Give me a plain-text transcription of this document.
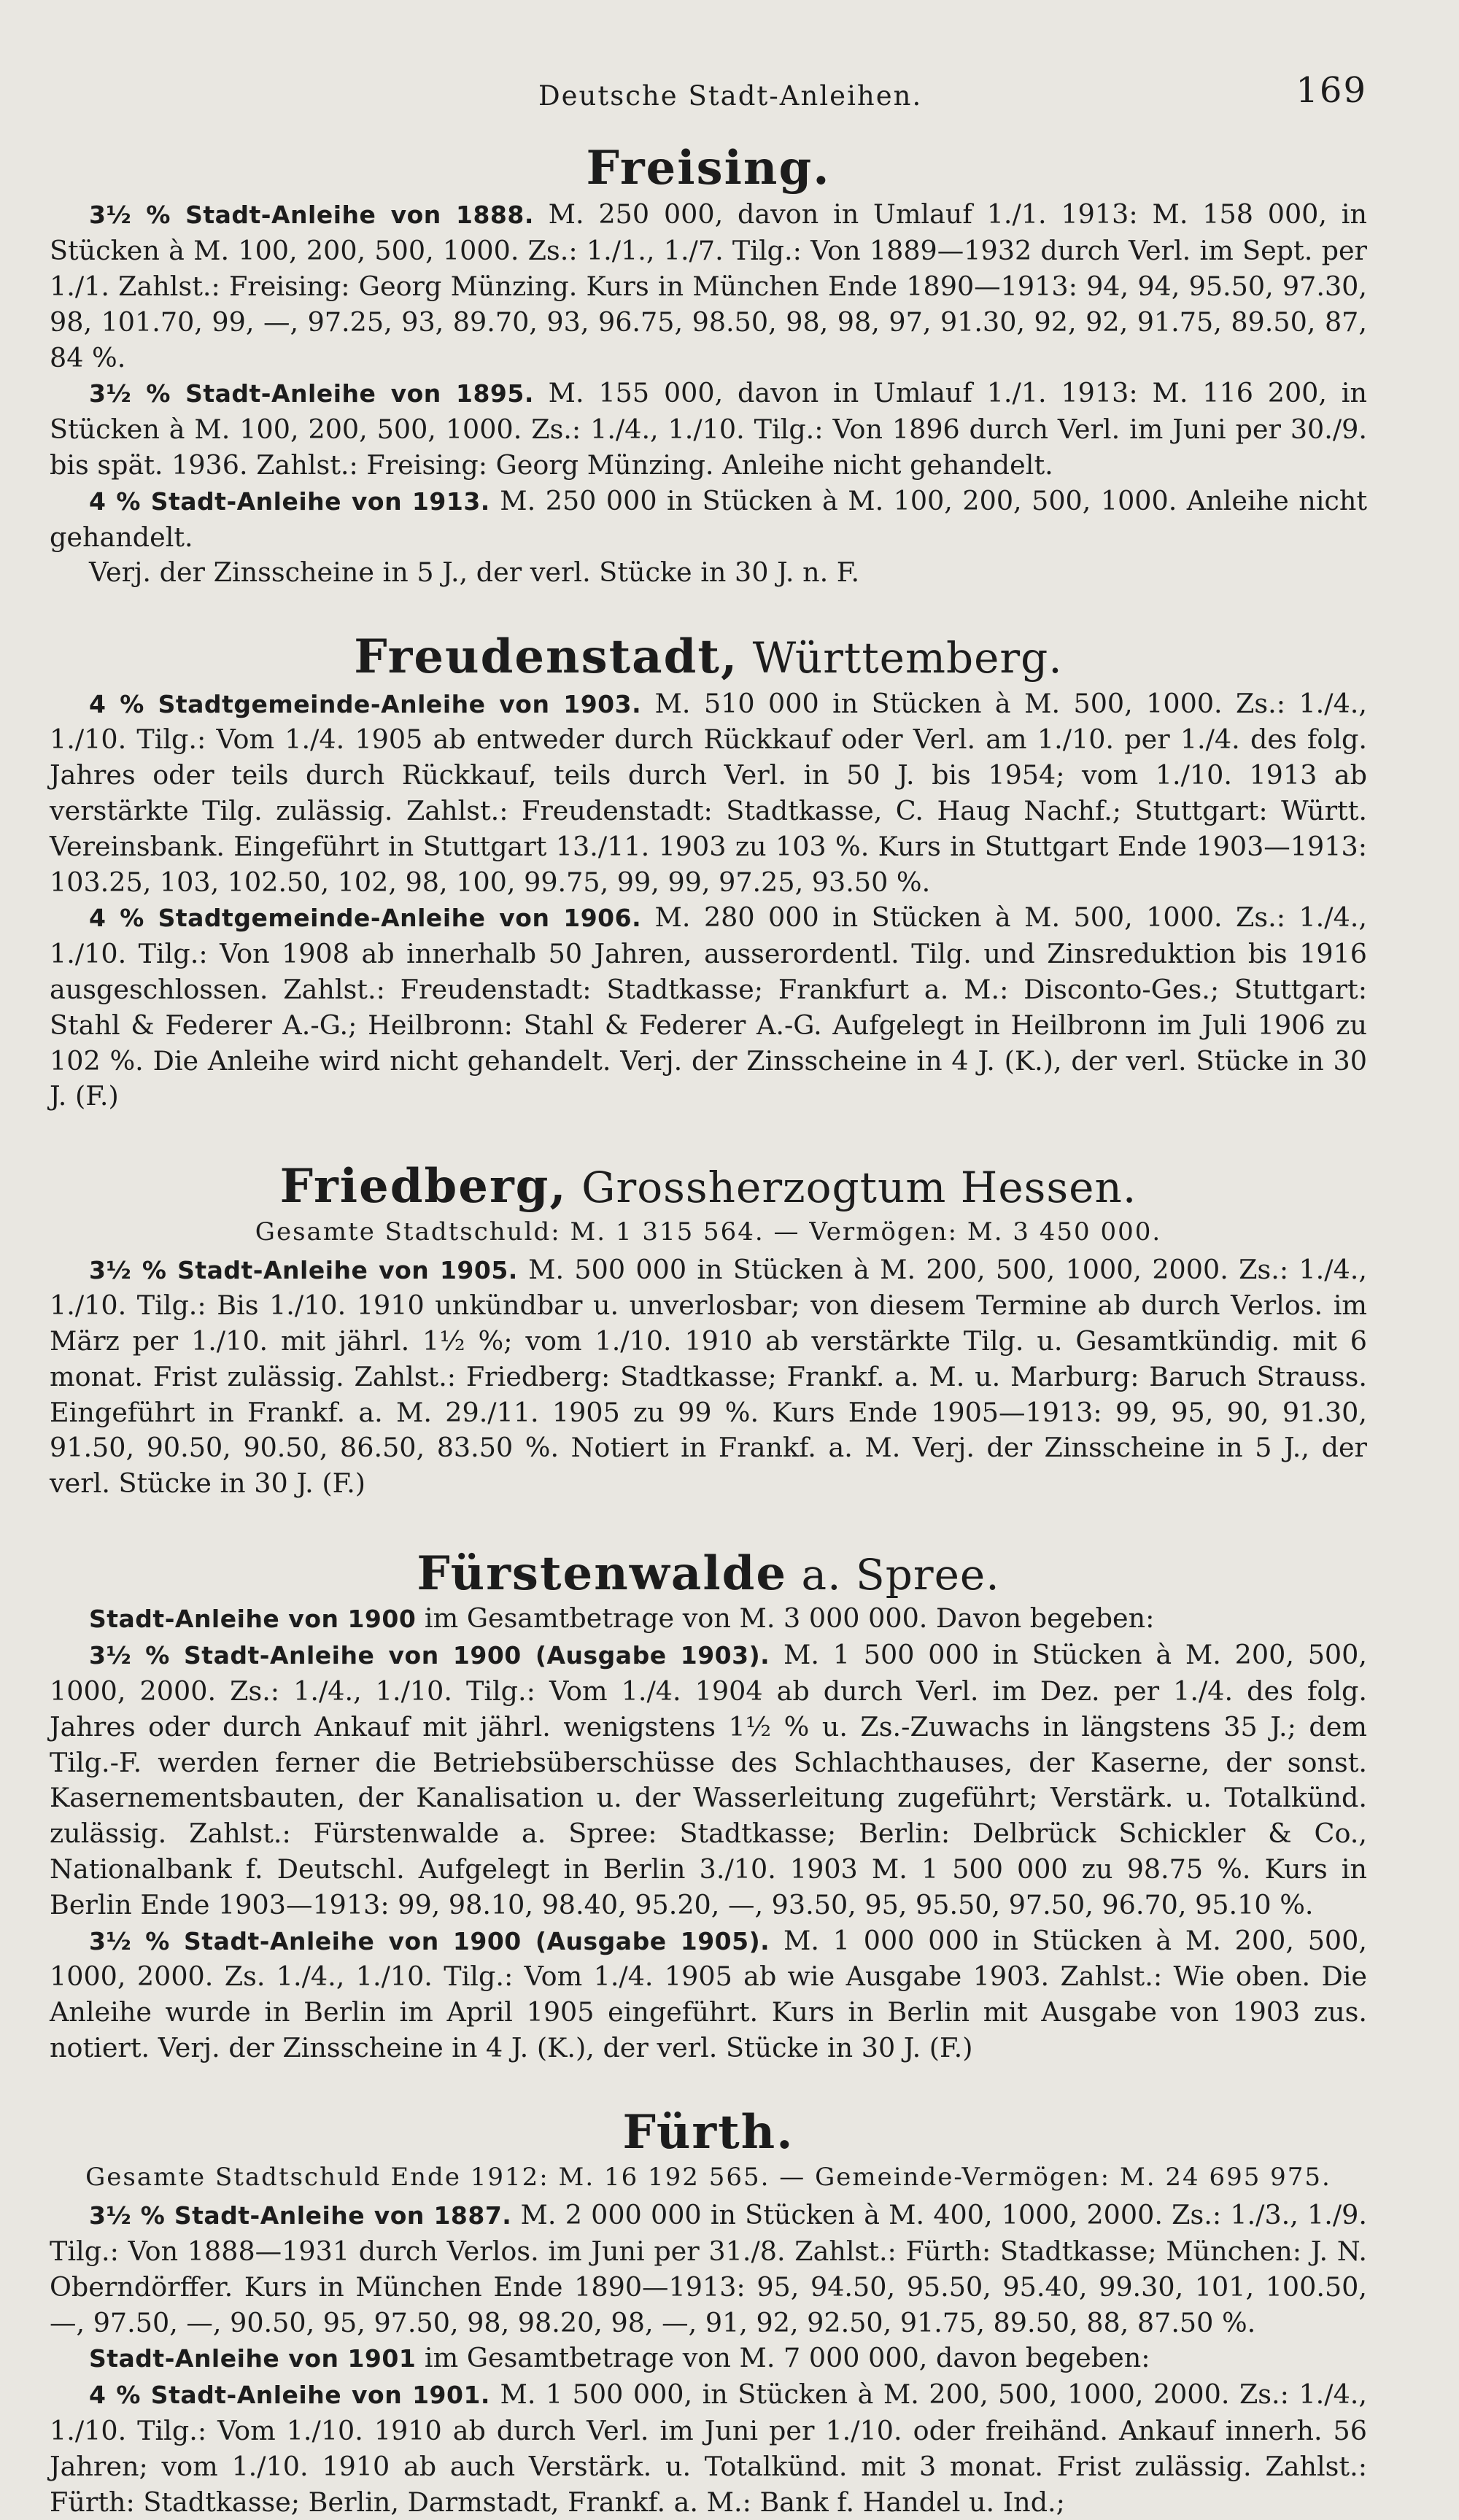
Deutsche Stadt-Anleihen.	169
Freising.

3½ % Stadt-Anleihe von 1888. M. 250 000, davon in Umlauf 1./1. 1913: M. 158 000, in Stücken à M. 100, 200, 500, 1000. Zs.: 1./1., 1./7. Tilg.: Von 1889—1932 durch Verl. im Sept. per 1./1. Zahlst.: Freising: Georg Münzing. Kurs in München Ende 1890—1913: 94, 94, 95.50, 97.30, 98, 101.70, 99, —, 97.25, 93, 89.70, 93, 96.75, 98.50, 98, 98, 97, 91.30, 92, 92, 91.75, 89.50, 87, 84 %.

3½ % Stadt-Anleihe von 1895. M. 155 000, davon in Umlauf 1./1. 1913: M. 116 200, in Stücken à M. 100, 200, 500, 1000. Zs.: 1./4., 1./10. Tilg.: Von 1896 durch Verl. im Juni per 30./9. bis spät. 1936. Zahlst.: Freising: Georg Münzing. Anleihe nicht gehandelt.

4 % Stadt-Anleihe von 1913. M. 250 000 in Stücken à M. 100, 200, 500, 1000. Anleihe nicht gehandelt.

Verj. der Zinsscheine in 5 J., der verl. Stücke in 30 J. n. F.

Freudenstadt, Württemberg.

4 % Stadtgemeinde-Anleihe von 1903. M. 510 000 in Stücken à M. 500, 1000. Zs.: 1./4., 1./10. Tilg.: Vom 1./4. 1905 ab entweder durch Rückkauf oder Verl. am 1./10. per 1./4. des folg. Jahres oder teils durch Rückkauf, teils durch Verl. in 50 J. bis 1954; vom 1./10. 1913 ab verstärkte Tilg. zulässig. Zahlst.: Freudenstadt: Stadtkasse, C. Haug Nachf.; Stuttgart: Württ. Vereinsbank. Eingeführt in Stuttgart 13./11. 1903 zu 103 %. Kurs in Stuttgart Ende 1903—1913: 103.25, 103, 102.50, 102, 98, 100, 99.75, 99, 99, 97.25, 93.50 %.

4 % Stadtgemeinde-Anleihe von 1906. M. 280 000 in Stücken à M. 500, 1000. Zs.: 1./4., 1./10. Tilg.: Von 1908 ab innerhalb 50 Jahren, ausserordentl. Tilg. und Zinsreduktion bis 1916 ausgeschlossen. Zahlst.: Freudenstadt: Stadtkasse; Frankfurt a. M.: Disconto-Ges.; Stuttgart: Stahl & Federer A.-G.; Heilbronn: Stahl & Federer A.-G. Aufgelegt in Heilbronn im Juli 1906 zu 102 %. Die Anleihe wird nicht gehandelt. Verj. der Zinsscheine in 4 J. (K.), der verl. Stücke in 30 J. (F.)

Friedberg, Grossherzogtum Hessen.
Gesamte Stadtschuld: M. 1 315 564. — Vermögen: M. 3 450 000.

3½ % Stadt-Anleihe von 1905. M. 500 000 in Stücken à M. 200, 500, 1000, 2000. Zs.: 1./4., 1./10. Tilg.: Bis 1./10. 1910 unkündbar u. unverlosbar; von diesem Termine ab durch Verlos. im März per 1./10. mit jährl. 1½ %; vom 1./10. 1910 ab verstärkte Tilg. u. Gesamtkündig. mit 6 monat. Frist zulässig. Zahlst.: Friedberg: Stadtkasse; Frankf. a. M. u. Marburg: Baruch Strauss. Eingeführt in Frankf. a. M. 29./11. 1905 zu 99 %. Kurs Ende 1905—1913: 99, 95, 90, 91.30, 91.50, 90.50, 90.50, 86.50, 83.50 %. Notiert in Frankf. a. M. Verj. der Zinsscheine in 5 J., der verl. Stücke in 30 J. (F.)

Fürstenwalde a. Spree.

Stadt-Anleihe von 1900 im Gesamtbetrage von M. 3 000 000. Davon begeben:

3½ % Stadt-Anleihe von 1900 (Ausgabe 1903). M. 1 500 000 in Stücken à M. 200, 500, 1000, 2000. Zs.: 1./4., 1./10. Tilg.: Vom 1./4. 1904 ab durch Verl. im Dez. per 1./4. des folg. Jahres oder durch Ankauf mit jährl. wenigstens 1½ % u. Zs.-Zuwachs in längstens 35 J.; dem Tilg.-F. werden ferner die Betriebsüberschüsse des Schlachthauses, der Kaserne, der sonst. Kasernementsbauten, der Kanalisation u. der Wasserleitung zugeführt; Verstärk. u. Totalkünd. zulässig. Zahlst.: Fürstenwalde a. Spree: Stadtkasse; Berlin: Delbrück Schickler & Co., Nationalbank f. Deutschl. Aufgelegt in Berlin 3./10. 1903 M. 1 500 000 zu 98.75 %. Kurs in Berlin Ende 1903—1913: 99, 98.10, 98.40, 95.20, —, 93.50, 95, 95.50, 97.50, 96.70, 95.10 %.

3½ % Stadt-Anleihe von 1900 (Ausgabe 1905). M. 1 000 000 in Stücken à M. 200, 500, 1000, 2000. Zs. 1./4., 1./10. Tilg.: Vom 1./4. 1905 ab wie Ausgabe 1903. Zahlst.: Wie oben. Die Anleihe wurde in Berlin im April 1905 eingeführt. Kurs in Berlin mit Ausgabe von 1903 zus. notiert. Verj. der Zinsscheine in 4 J. (K.), der verl. Stücke in 30 J. (F.)

Fürth.
Gesamte Stadtschuld Ende 1912: M. 16 192 565. — Gemeinde-Vermögen: M. 24 695 975.

3½ % Stadt-Anleihe von 1887. M. 2 000 000 in Stücken à M. 400, 1000, 2000. Zs.: 1./3., 1./9. Tilg.: Von 1888—1931 durch Verlos. im Juni per 31./8. Zahlst.: Fürth: Stadtkasse; München: J. N. Oberndörffer. Kurs in München Ende 1890—1913: 95, 94.50, 95.50, 95.40, 99.30, 101, 100.50, —, 97.50, —, 90.50, 95, 97.50, 98, 98.20, 98, —, 91, 92, 92.50, 91.75, 89.50, 88, 87.50 %.

Stadt-Anleihe von 1901 im Gesamtbetrage von M. 7 000 000, davon begeben:

4 % Stadt-Anleihe von 1901. M. 1 500 000, in Stücken à M. 200, 500, 1000, 2000. Zs.: 1./4., 1./10. Tilg.: Vom 1./10. 1910 ab durch Verl. im Juni per 1./10. oder freihänd. Ankauf innerh. 56 Jahren; vom 1./10. 1910 ab auch Verstärk. u. Totalkünd. mit 3 monat. Frist zulässig. Zahlst.: Fürth: Stadtkasse; Berlin, Darmstadt, Frankf. a. M.: Bank f. Handel u. Ind.;
